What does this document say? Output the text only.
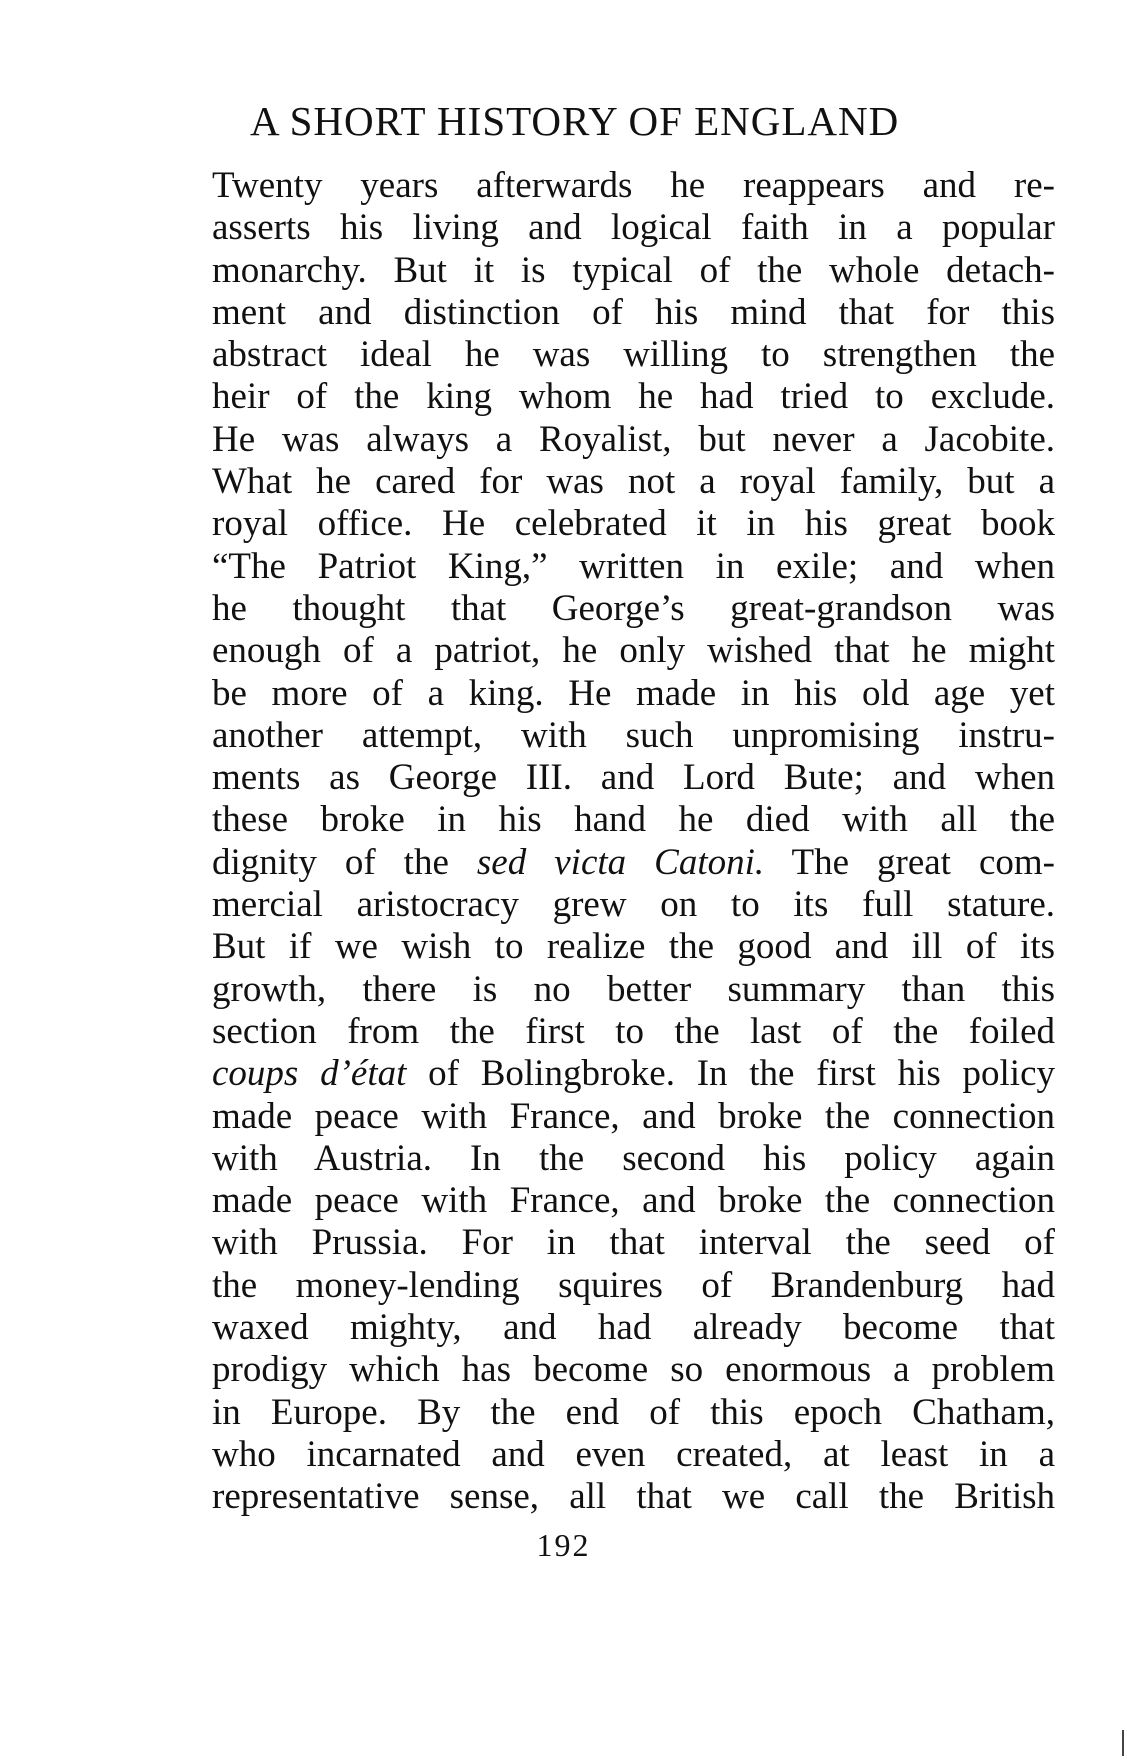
A SHORT HISTORY OF ENGLAND
Twenty years afterwards he reappears and re-
asserts his living and logical faith in a popular
monarchy. But it is typical of the whole detach-
ment and distinction of his mind that for this
abstract ideal he was willing to strengthen the
heir of the king whom he had tried to exclude.
He was always a Royalist, but never a Jacobite.
What he cared for was not a royal family, but a
royal office. He celebrated it in his great book
“The Patriot King,” written in exile; and when
he thought that George’s great-grandson was
enough of a patriot, he only wished that he might
be more of a king. He made in his old age yet
another attempt, with such unpromising instru-
ments as George III. and Lord Bute; and when
these broke in his hand he died with all the
dignity of the sed victa Catoni. The great com-
mercial aristocracy grew on to its full stature.
But if we wish to realize the good and ill of its
growth, there is no better summary than this
section from the first to the last of the foiled
coups d’état of Bolingbroke. In the first his policy
made peace with France, and broke the connection
with Austria. In the second his policy again
made peace with France, and broke the connection
with Prussia. For in that interval the seed of
the money-lending squires of Brandenburg had
waxed mighty, and had already become that
prodigy which has become so enormous a problem
in Europe. By the end of this epoch Chatham,
who incarnated and even created, at least in a
representative sense, all that we call the British
192
